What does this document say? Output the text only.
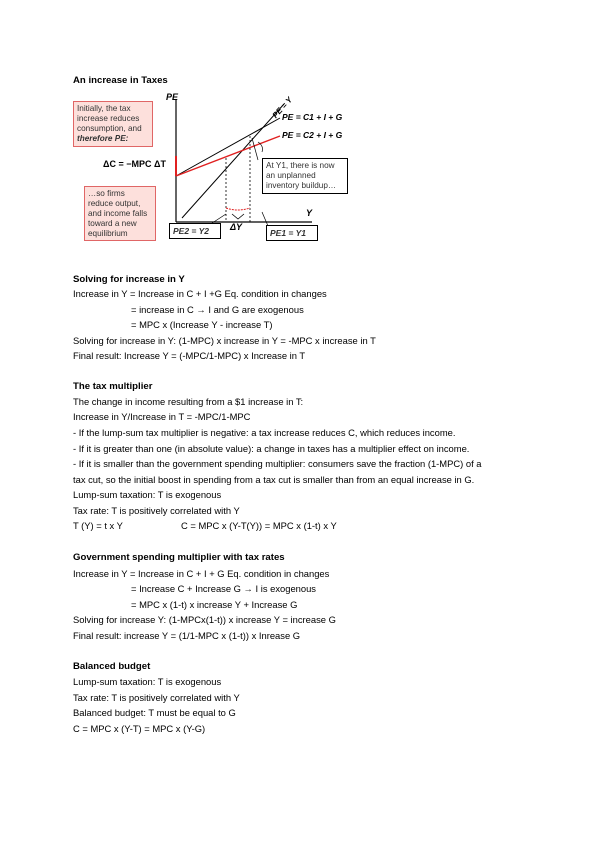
An increase in Taxes
PE
Y
PE = Y
PE = C1 + I + G
PE = C2 + I + G
ΔY
Initially, the tax
increase reduces
consumption, and
therefore PE:
ΔC = −MPC ΔT
…so firms
reduce output,
and income falls
toward a new
equilibrium
At Y1, there is now
an unplanned
inventory buildup…
PE2 = Y2	PE1 = Y1
Solving for increase in Y
Increase in Y = Increase in C + I +G Eq. condition in changes
= increase in C → I and G are exogenous
= MPC x (Increase Y - increase T)
Solving for increase in Y: (1-MPC) x increase in Y = -MPC x increase in T
Final result: Increase Y = (-MPC/1-MPC) x Increase in T
The tax multiplier
The change in income resulting from a $1 increase in T:
Increase in Y/Increase in T = -MPC/1-MPC
- If the lump-sum tax multiplier is negative: a tax increase reduces C, which reduces income.
- If it is greater than one (in absolute value): a change in taxes has a multiplier effect on income.
- If it is smaller than the government spending multiplier: consumers save the fraction (1-MPC) of a
tax cut, so the initial boost in spending from a tax cut is smaller than from an equal increase in G.
Lump-sum taxation: T is exogenous
Tax rate: T is positively correlated with Y
T (Y) = t x Y	C = MPC x (Y-T(Y)) = MPC x (1-t) x Y
Government spending multiplier with tax rates
Increase in Y = Increase in C + I + G Eq. condition in changes
= Increase C + Increase G → I is exogenous
= MPC x (1-t) x increase Y + Increase G
Solving for increase Y: (1-MPCx(1-t)) x increase Y = increase G
Final result: increase Y = (1/1-MPC x (1-t)) x Inrease G
Balanced budget
Lump-sum taxation: T is exogenous
Tax rate: T is positively correlated with Y
Balanced budget: T must be equal to G
C = MPC x (Y-T) = MPC x (Y-G)
